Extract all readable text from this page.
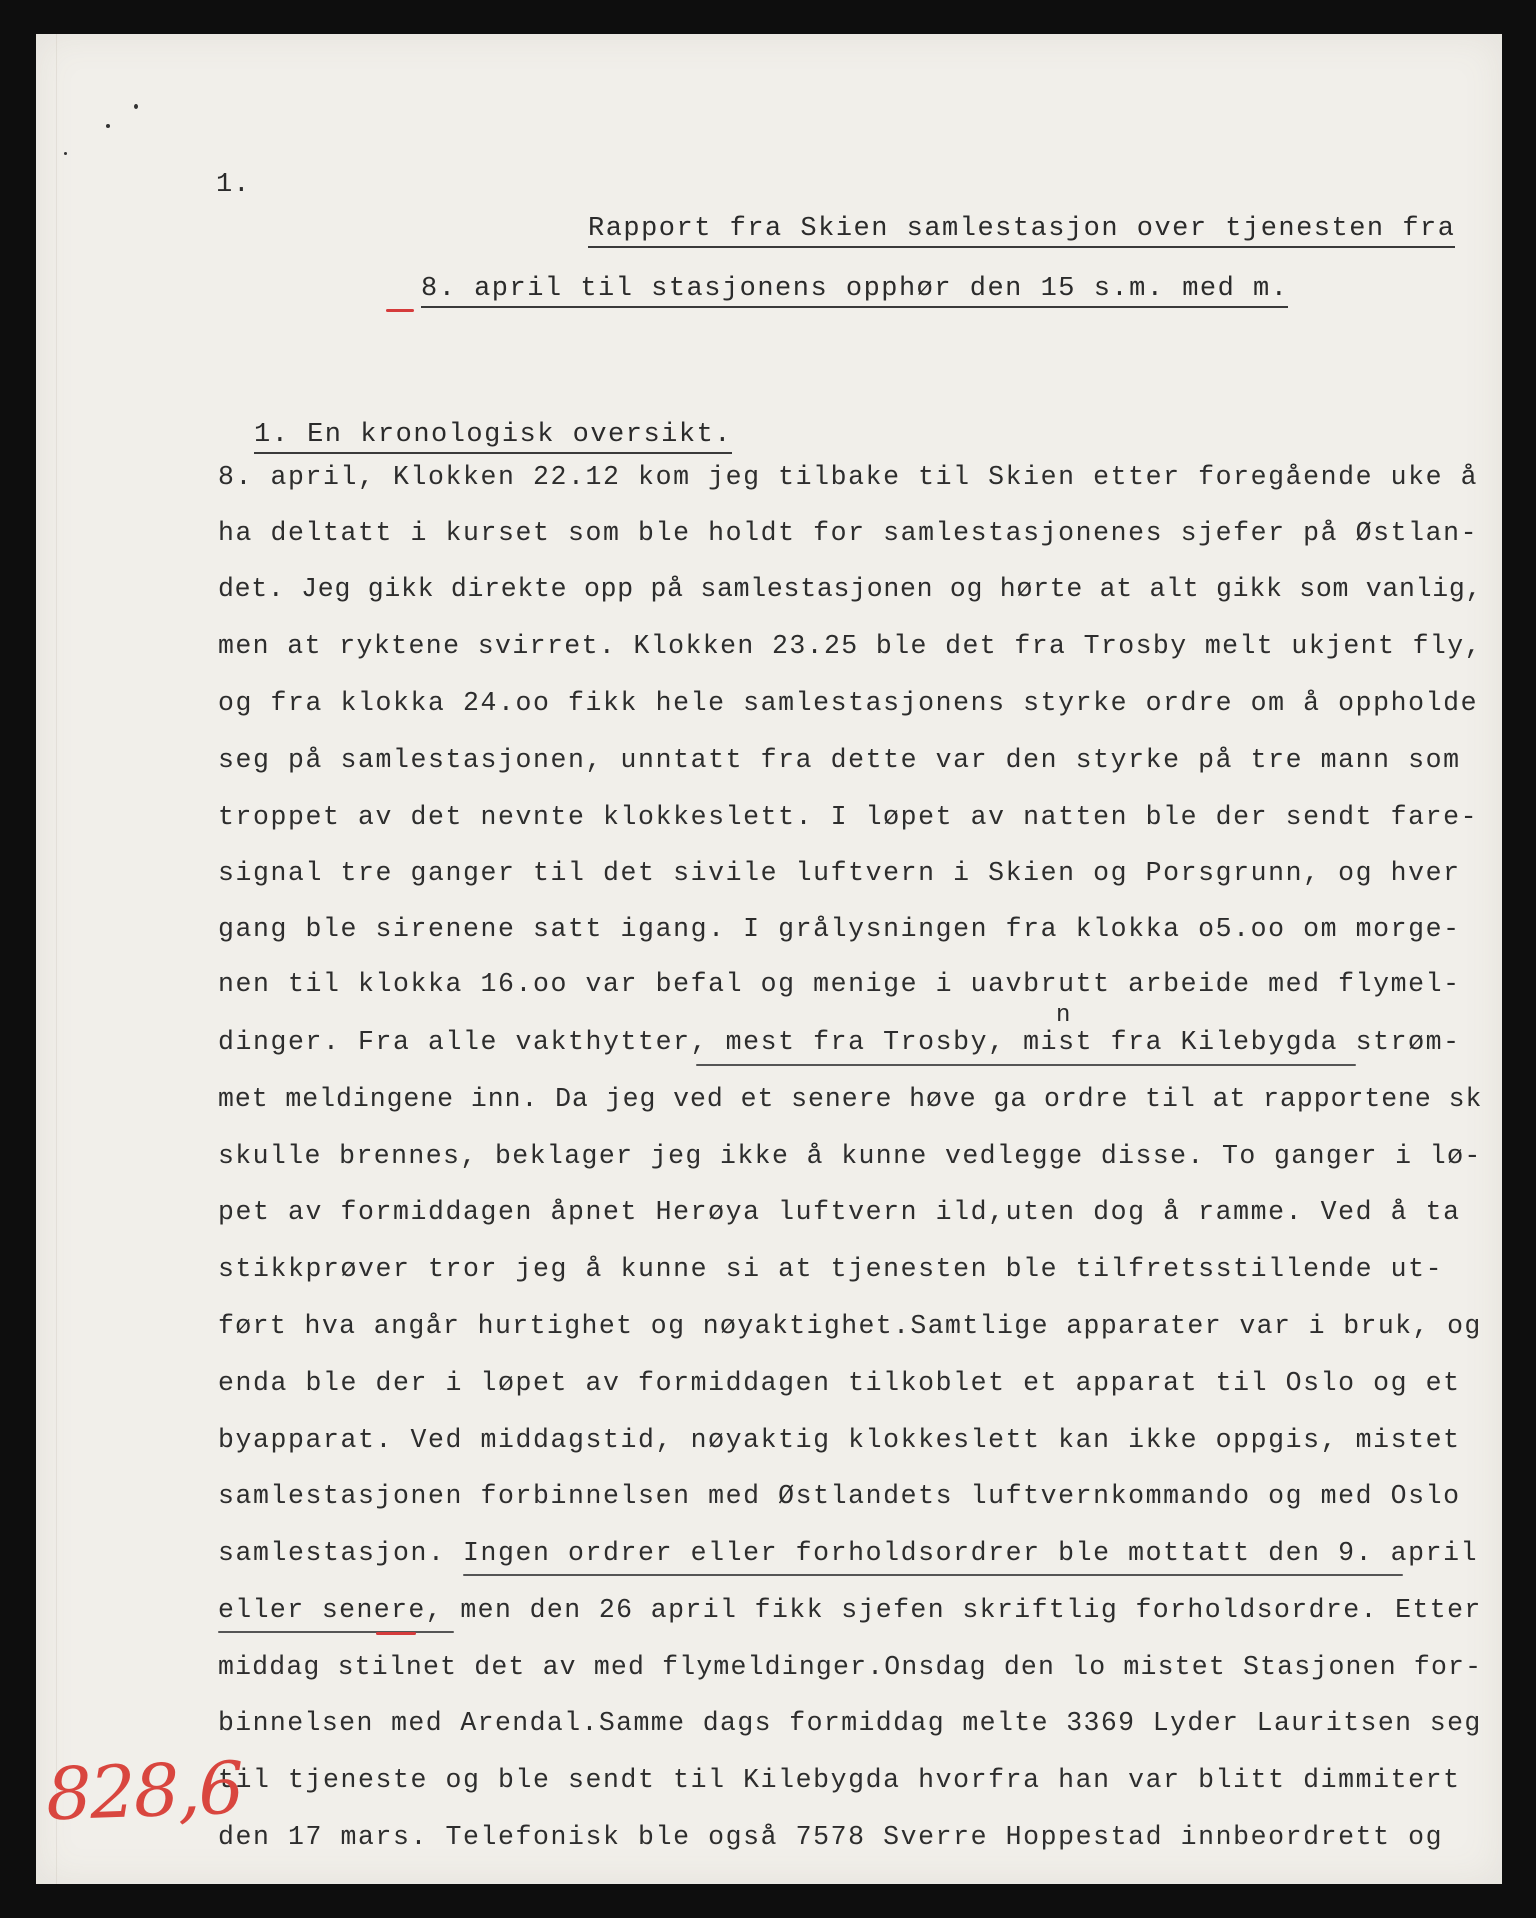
1.
Rapport fra Skien samlestasjon over tjenesten fra
8. april til stasjonens opphør den 15 s.m. med m.
1. En kronologisk oversikt.
n
8. april, Klokken 22.12 kom jeg tilbake til Skien etter foregående uke å
ha deltatt i kurset som ble holdt for samlestasjonenes sjefer på Østlan-
det. Jeg gikk direkte opp på samlestasjonen og hørte at alt gikk som vanlig,
men at ryktene svirret. Klokken 23.25 ble det fra Trosby melt ukjent fly,
og fra klokka 24.oo fikk hele samlestasjonens styrke ordre om å oppholde
seg på samlestasjonen, unntatt fra dette var den styrke på tre mann som
troppet av det nevnte klokkeslett. I løpet av natten ble der sendt fare-
signal tre ganger til det sivile luftvern i Skien og Porsgrunn, og hver
gang ble sirenene satt igang. I grålysningen fra klokka o5.oo om morge-
nen til klokka 16.oo var befal og menige i uavbrutt arbeide med flymel-
dinger. Fra alle vakthytter, mest fra Trosby, mist fra Kilebygda strøm-
met meldingene inn. Da jeg ved et senere høve ga ordre til at rapportene sk
skulle brennes, beklager jeg ikke å kunne vedlegge disse. To ganger i lø-
pet av formiddagen åpnet Herøya luftvern ild,uten dog å ramme. Ved å ta
stikkprøver tror jeg å kunne si at tjenesten ble tilfretsstillende ut-
ført hva angår hurtighet og nøyaktighet.Samtlige apparater var i bruk, og
enda ble der i løpet av formiddagen tilkoblet et apparat til Oslo og et
byapparat. Ved middagstid, nøyaktig klokkeslett kan ikke oppgis, mistet
samlestasjonen forbinnelsen med Østlandets luftvernkommando og med Oslo
samlestasjon. Ingen ordrer eller forholdsordrer ble mottatt den 9. april
eller senere, men den 26 april fikk sjefen skriftlig forholdsordre. Etter
middag stilnet det av med flymeldinger.Onsdag den lo mistet Stasjonen for-
binnelsen med Arendal.Samme dags formiddag melte 3369 Lyder Lauritsen seg
til tjeneste og ble sendt til Kilebygda hvorfra han var blitt dimmitert
den 17 mars. Telefonisk ble også 7578 Sverre Hoppestad innbeordrett og
828,6
